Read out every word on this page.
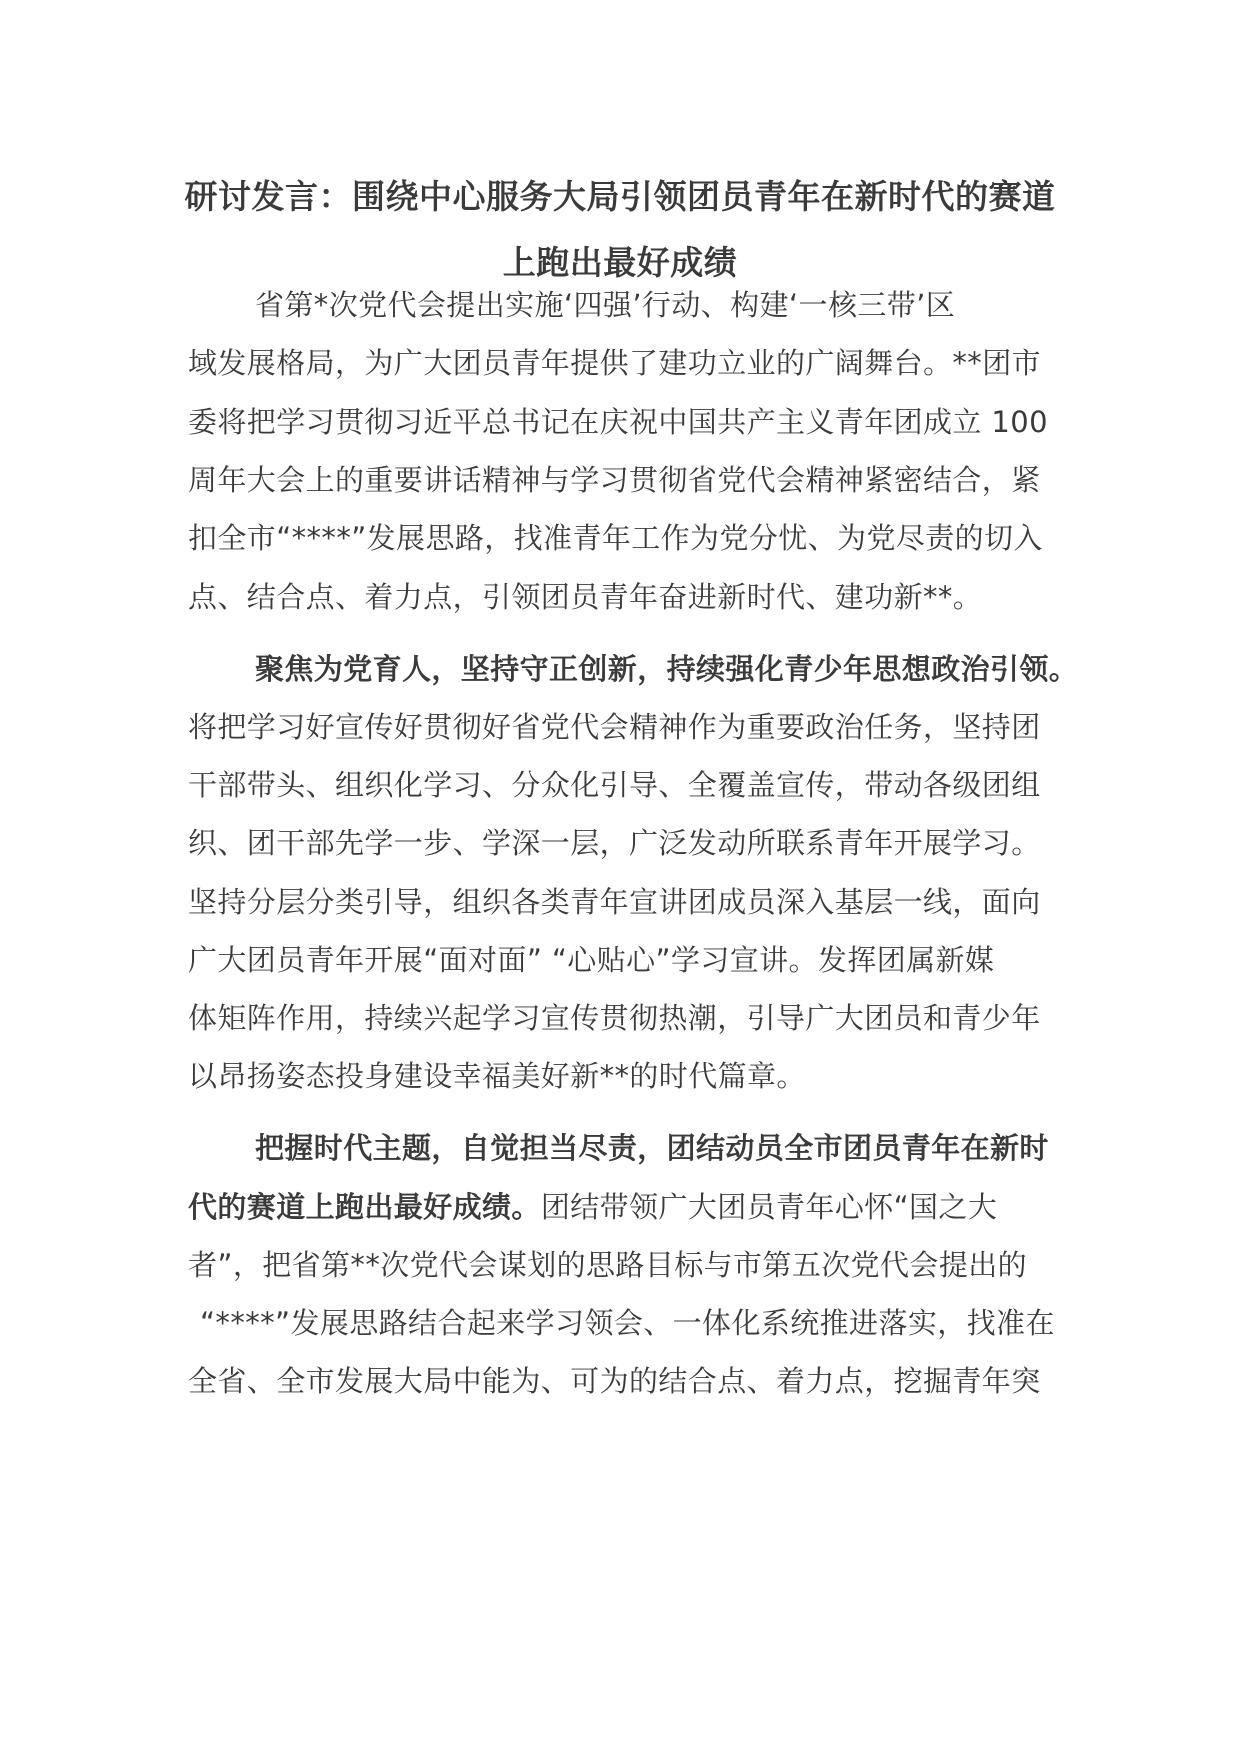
研讨发言：围绕中心服务大局引领团员青年在新时代的赛道上跑出最好成绩
省第*次党代会提出实施‘四强’行动、构建‘一核三带’区
域发展格局，为广大团员青年提供了建功立业的广阔舞台。**团市
委将把学习贯彻习近平总书记在庆祝中国共产主义青年团成立 100
周年大会上的重要讲话精神与学习贯彻省党代会精神紧密结合，紧
扣全市“****”发展思路，找准青年工作为党分忧、为党尽责的切入
点、结合点、着力点，引领团员青年奋进新时代、建功新**。
聚焦为党育人，坚持守正创新，持续强化青少年思想政治引领。
将把学习好宣传好贯彻好省党代会精神作为重要政治任务，坚持团
干部带头、组织化学习、分众化引导、全覆盖宣传，带动各级团组
织、团干部先学一步、学深一层，广泛发动所联系青年开展学习。
坚持分层分类引导，组织各类青年宣讲团成员深入基层一线，面向
广大团员青年开展“面对面” “心贴心”学习宣讲。发挥团属新媒
体矩阵作用，持续兴起学习宣传贯彻热潮，引导广大团员和青少年
以昂扬姿态投身建设幸福美好新**的时代篇章。
把握时代主题，自觉担当尽责，团结动员全市团员青年在新时
代的赛道上跑出最好成绩。团结带领广大团员青年心怀“国之大
者”，把省第**次党代会谋划的思路目标与市第五次党代会提出的
“****”发展思路结合起来学习领会、一体化系统推进落实，找准在
全省、全市发展大局中能为、可为的结合点、着力点，挖掘青年突
